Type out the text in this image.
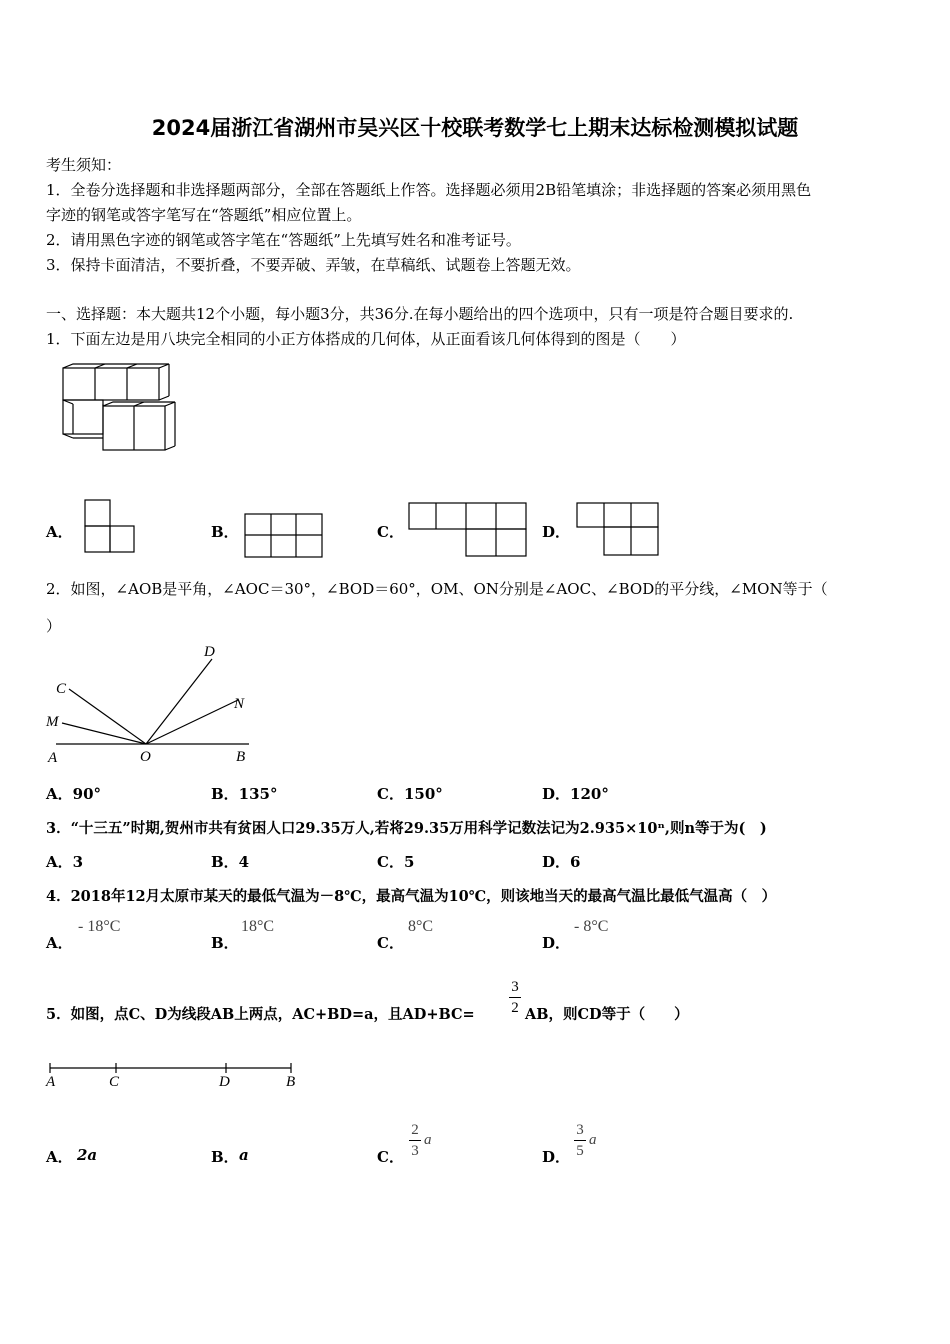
2024届浙江省湖州市吴兴区十校联考数学七上期末达标检测模拟试题
考生须知：
1．全卷分选择题和非选择题两部分，全部在答题纸上作答。选择题必须用2B铅笔填涂；非选择题的答案必须用黑色
字迹的钢笔或答字笔写在“答题纸”相应位置上。
2．请用黑色字迹的钢笔或答字笔在“答题纸”上先填写姓名和准考证号。
3．保持卡面清洁，不要折叠，不要弄破、弄皱，在草稿纸、试题卷上答题无效。
一、选择题：本大题共12个小题，每小题3分，共36分.在每小题给出的四个选项中，只有一项是符合题目要求的.
1．下面左边是用八块完全相同的小正方体搭成的几何体，从正面看该几何体得到的图是（　　）
A．	B．	C．	D．
2．如图，∠AOB是平角，∠AOC＝30°，∠BOD＝60°，OM、ON分别是∠AOC、∠BOD的平分线，∠MON等于（
）
D
C
N
M
A	O	B
A．90°	B．135°	C．150°	D．120°
3．“十三五”时期,贺州市共有贫困人口29.35万人,若将29.35万用科学记数法记为2.935×10ⁿ,则n等于为(　)
A．3	B．4	C．5	D．6
4．2018年12月太原市某天的最低气温为－8℃，最高气温为10℃，则该地当天的最高气温比最低气温高（　）
A．
- 18°C
B．
18°C
C．
8°C
D．
- 8°C
5．如图，点C、D为线段AB上两点，AC+BD=a，且AD+BC=
3
2 AB，则CD等于（　　）
A	C	D	B
A． 2a	B． a	C．
2
3
a
D．
3
5
a
